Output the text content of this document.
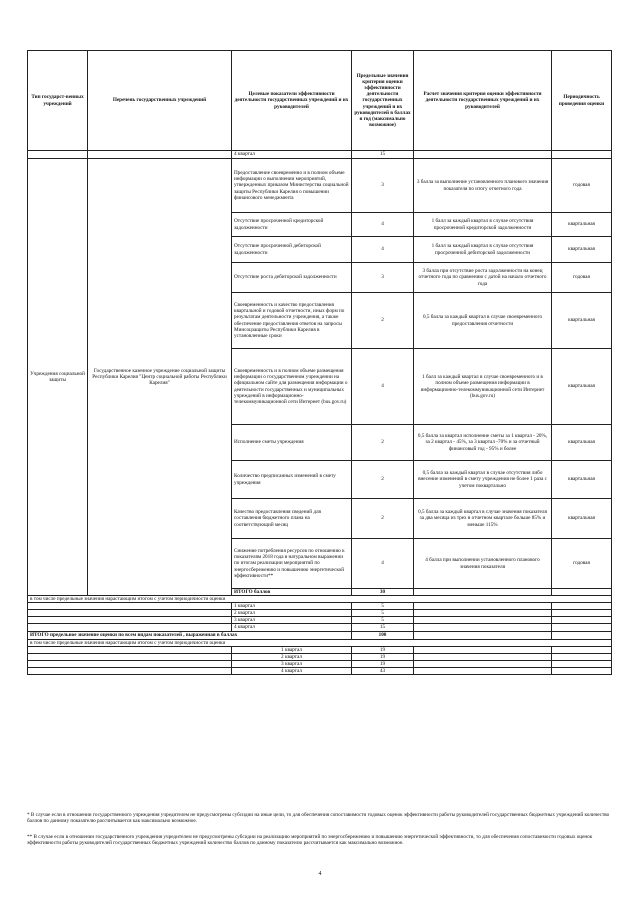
Тип государст-венных учреждений	Перечень государственных учреждений	Целевые показатели эффективности деятельности государственных учреждений и их руководителей	Предельные значения критерия оценки эффективности деятельности государственных учреждений и их руководителей в баллах в год (максимально возможное)	Расчет значения критерия оценки эффективности деятельности государственных учреждений и их руководителей	Периодичность проведения оценки
		4 квартал	15		
Учреждения социальной защиты	Государственное казенное учреждение социальной защиты Республики Карелия "Центр социальной работы Республики Карелия"	Предоставление своевременно и в полном объеме информации о выполнении мероприятий, утвержденных приказом Министерства социальной защиты Республики Карелия о повышении финансового менеджмента	3	3 балла за выполнение установленного планового значения показателя по итогу отчетного года	годовая
		Отсутствие просроченной кредиторской задолженности	4	1 балл за каждый квартал в случае отсутствия просроченной кредиторской задолженности	квартальная
		Отсутствие просроченной дебиторской задолженности	4	1 балл за каждый квартал в случае отсутствия просроченной дебиторской задолженности	квартальная
		Отсутствие роста дебиторской задолженности	3	3 балла при отсутствие роста задолженности на конец отчетного года по сравнению с датой на начало отчетного года	годовая
		Своевременность и качество предоставления квартальной и годовой отчетности, иных форм по результатам деятельности учреждения, а также обеспечение предоставления ответов на запросы Минсоцзащиты Республики Карелия в установленные сроки	2	0,5 балла за каждый квартал в случае своевременного предоставления отчетности	квартальная
		Своевременность и в полном объеме размещения информации о государственном учреждении на официальном сайте для размещения информации о деятельности государственных и муниципальных учреждений в информационно-телекоммуникационной сети Интернет (bus.gov.ru)	4	1 балл за каждый квартал в случае своевременного и в полном объеме размещения информации в информационно-телекоммуникационной сети Интернет (bus.gov.ru)	квартальная
		Исполнение сметы учреждения	2	0,5 балла за квартал исполнение сметы за 1 квартал - 20%, за 2 квартал - 45%, за 3 квартал -70% и за отчетный финансовый год - 95% и более	квартальная
		Количество предписанных изменений в смету учреждения	2	0,5 балла за каждый квартал в случае отсутствия либо внесение изменений в смету учреждения не более 1 раза с учетом поквартально	квартальная
		Качество предоставления сведений для составления бюджетного плана на соответствующий месяц	2	0,5 балла за каждый квартал в случае значения показателя за два месяца из трех в отчетном квартале больше 85% и меньше 115%	квартальная
		Снижение потребления ресурсов по отношению к показателям 2018 года в натуральном выражении по итогам реализации мероприятий по энергосбережению и повышению энергетической эффективности**	4	4 балла при выполнении установленного планового значения показателя	годовая
		ИТОГО баллов	30		
в том числе предельные значения нарастающим итогом с учетом периодичности оценки					
		1 квартал	5		
		2 квартал	5		
		3 квартал	5		
		4 квартал	15		
ИТОГО предельное значение оценки по всем видам показателей , выраженная в баллах			100		
в том числе предельные значения нарастающим итогом с учетом периодичности оценки					
		1 квартал	19		
		2 квартал	19		
		3 квартал	19		
		4 квартал	43		
* В случае если в отношении государственного учреждения учредителем не предусмотрены субсидии на иные цели, то для обеспечения сопоставимости годовых оценок эффективности работы руководителей государственных бюджетных учреждений количество баллов по данному показателю рассчитывается как максимально возможное.
** В случае если в отношении государственного учреждения учредителем не предусмотрены субсидии на реализацию мероприятий по энергосбережению и повышению энергетической эффективности, то для обеспечения сопоставимости годовых оценок эффективности работы руководителей государственных бюджетных учреждений количество баллов по данному показателю рассчитывается как максимально возможное.
4
